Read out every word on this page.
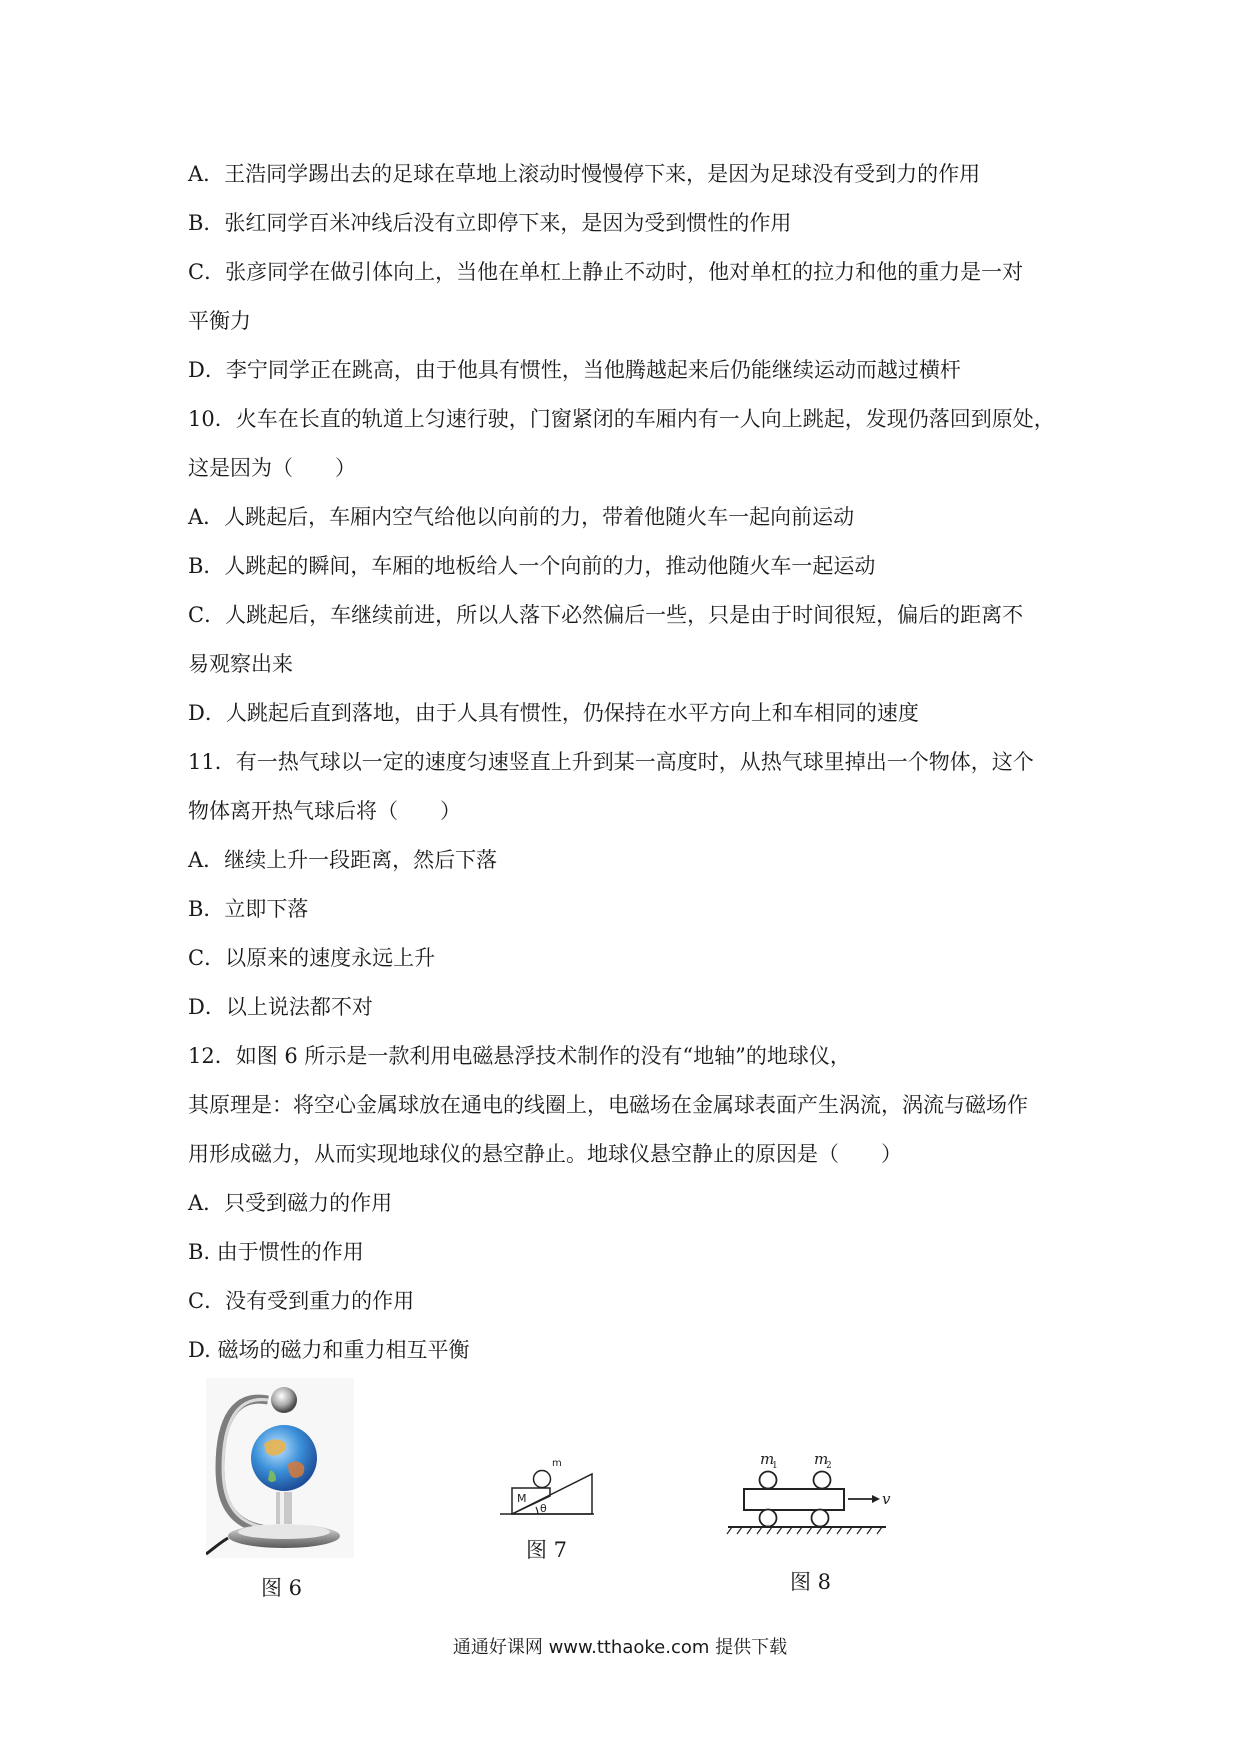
A．王浩同学踢出去的足球在草地上滚动时慢慢停下来，是因为足球没有受到力的作用
B．张红同学百米冲线后没有立即停下来，是因为受到惯性的作用
C．张彦同学在做引体向上，当他在单杠上静止不动时，他对单杠的拉力和他的重力是一对
平衡力
D．李宁同学正在跳高，由于他具有惯性，当他腾越起来后仍能继续运动而越过横杆
10．火车在长直的轨道上匀速行驶，门窗紧闭的车厢内有一人向上跳起，发现仍落回到原处，
这是因为（　　）
A．人跳起后，车厢内空气给他以向前的力，带着他随火车一起向前运动
B．人跳起的瞬间，车厢的地板给人一个向前的力，推动他随火车一起运动
C．人跳起后，车继续前进，所以人落下必然偏后一些，只是由于时间很短，偏后的距离不
易观察出来
D．人跳起后直到落地，由于人具有惯性，仍保持在水平方向上和车相同的速度
11．有一热气球以一定的速度匀速竖直上升到某一高度时，从热气球里掉出一个物体，这个
物体离开热气球后将（　　）
A．继续上升一段距离，然后下落
B．立即下落
C．以原来的速度永远上升
D．以上说法都不对
12．如图 6 所示是一款利用电磁悬浮技术制作的没有“地轴”的地球仪，
其原理是：将空心金属球放在通电的线圈上，电磁场在金属球表面产生涡流，涡流与磁场作
用形成磁力，从而实现地球仪的悬空静止。地球仪悬空静止的原因是（　　）
A．只受到磁力的作用
B. 由于惯性的作用
C．没有受到重力的作用
D. 磁场的磁力和重力相互平衡
图 6
m
M
θ
图 7
m
1 m
2
v
图 8
通通好课网 www.tthaoke.com 提供下载
